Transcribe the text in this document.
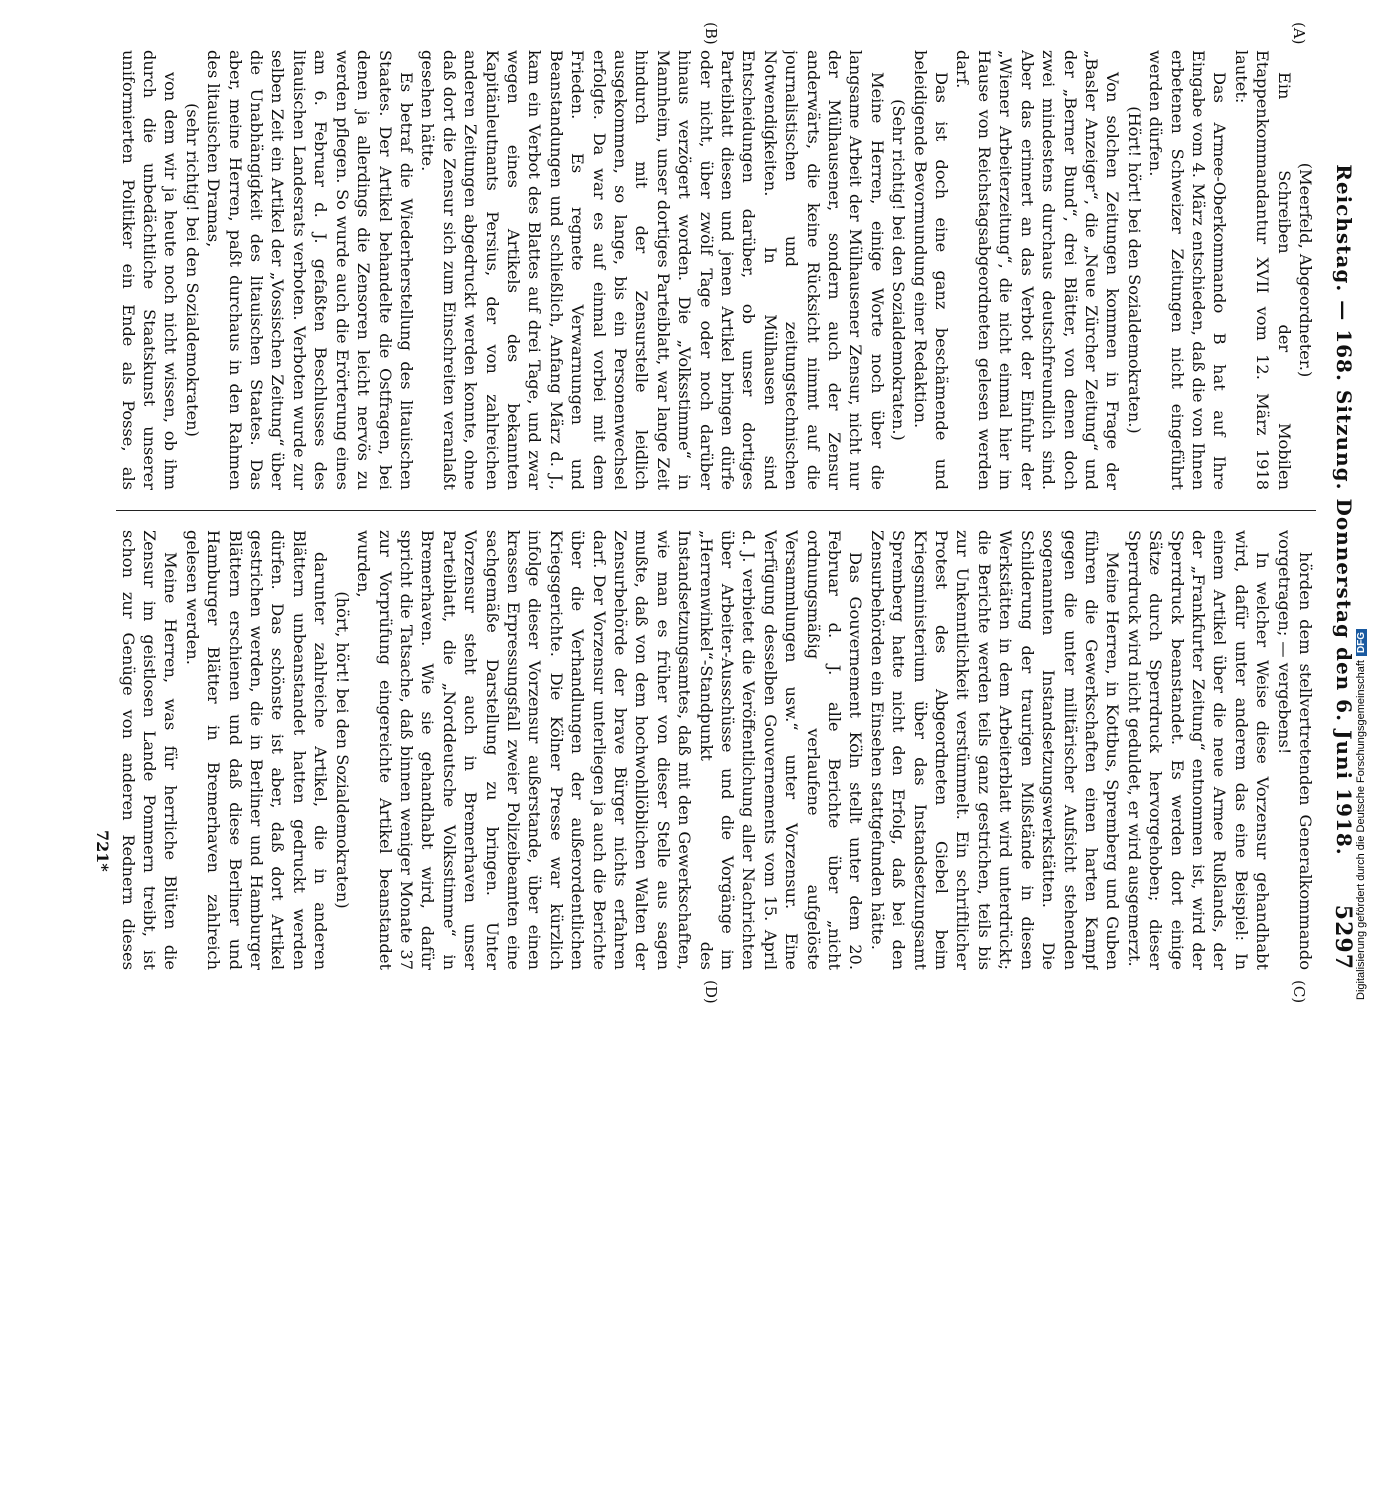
Reichstag. — 168. Sitzung. Donnerstag den 6. Juni 1918.
5297

(Meerfeld, Abgeordneter.)

Ein Schreiben der Mobilen Etappenkommandantur XVII vom 12. März 1918 lautet:

Das Armee-Oberkommando B hat auf Ihre Eingabe vom 4. März entschieden, daß die von Ihnen erbetenen Schweizer Zeitungen nicht eingeführt werden dürfen.

(Hört! hört! bei den Sozialdemokraten.)

Von solchen Zeitungen kommen in Frage der „Basler Anzeiger“, die „Neue Zürcher Zeitung“ und der „Berner Bund“, drei Blätter, von denen doch zwei mindestens durchaus deutschfreundlich sind. Aber das erinnert an das Verbot der Einfuhr der „Wiener Arbeiterzeitung“, die nicht einmal hier im Hause von Reichstagsabgeordneten gelesen werden darf.

Das ist doch eine ganz beschämende und beleidigende Bevormundung einer Redaktion.

(Sehr richtig! bei den Sozialdemokraten.)

Meine Herren, einige Worte noch über die langsame Arbeit der Mülhausener Zensur, nicht nur der Mülhausener, sondern auch der Zensur anderwärts, die keine Rücksicht nimmt auf die journalistischen und zeitungstechnischen Notwendigkeiten. In Mülhausen sind Entscheidungen darüber, ob unser dortiges Parteiblatt diesen und jenen Artikel bringen dürfe oder nicht, über zwölf Tage oder noch darüber hinaus verzögert worden. Die „Volksstimme“ in Mannheim, unser dortiges Parteiblatt, war lange Zeit hindurch mit der Zensurstelle leidlich ausgekommen, so lange, bis ein Personenwechsel erfolgte. Da war es auf einmal vorbei mit dem Frieden. Es regnete Verwarnungen und Beanstandungen und schließlich, Anfang März d. J., kam ein Verbot des Blattes auf drei Tage, und zwar wegen eines Artikels des bekannten Kapitänleutnants Persius, der von zahlreichen anderen Zeitungen abgedruckt werden konnte, ohne daß dort die Zensur sich zum Einschreiten veranlaßt gesehen hätte.

Es betraf die Wiederherstellung des litauischen Staates. Der Artikel behandelte die Ostfragen, bei denen ja allerdings die Zensoren leicht nervös zu werden pflegen. So wurde auch die Erörterung eines am 6. Februar d. J. gefaßten Beschlusses des litauischen Landesrats verboten. Verboten wurde zur selben Zeit ein Artikel der „Vossischen Zeitung“ über die Unabhängigkeit des litauischen Staates. Das aber, meine Herren, paßt durchaus in den Rahmen des litauischen Dramas,

(sehr richtig! bei den Sozialdemokraten)

von dem wir ja heute noch nicht wissen, ob ihm durch die unbedächtliche Staatskunst unserer uniformierten Politiker ein Ende als Posse, als

hörden dem stellvertretenden Generalkommando vorgetragen; — vergebens!

In welcher Weise diese Vorzensur gehandhabt wird, dafür unter anderem das eine Beispiel: In einem Artikel über die neue Armee Rußlands, der der „Frankfurter Zeitung“ entnommen ist, wird der Sperrdruck beanstandet. Es werden dort einige Sätze durch Sperrdruck hervorgehoben; dieser Sperrdruck wird nicht geduldet, er wird ausgemerzt.

Meine Herren, in Kottbus, Spremberg und Guben führen die Gewerkschaften einen harten Kampf gegen die unter militärischer Aufsicht stehenden sogenannten Instandsetzungswerkstätten. Die Schilderung der traurigen Mißstände in diesen Werkstätten in dem Arbeiterblatt wird unterdrückt; die Berichte werden teils ganz gestrichen, teils bis zur Unkenntlichkeit verstümmelt. Ein schriftlicher Protest des Abgeordneten Giebel beim Kriegsministerium über das Instandsetzungsamt Spremberg hatte nicht den Erfolg, daß bei den Zensurbehörden ein Einsehen stattgefunden hätte.

Das Gouvernement Köln stellt unter dem 20. Februar d. J. alle Berichte über „nicht ordnungsmäßig verlaufene aufgelöste Versammlungen usw.“ unter Vorzensur. Eine Verfügung desselben Gouvernements vom 15. April d. J. verbietet die Veröffentlichung aller Nachrichten über Arbeiter-Ausschüsse und die Vorgänge im „Herrenwinkel“-Standpunkt des Instandsetzungsamtes, daß mit den Gewerkschaften, wie man es früher von dieser Stelle aus sagen mußte, daß von dem hochwohllöblichen Walten der Zensurbehörde der brave Bürger nichts erfahren darf. Der Vorzensur unterliegen ja auch die Berichte über die Verhandlungen der außerordentlichen Kriegsgerichte. Die Kölner Presse war kürzlich infolge dieser Vorzensur außerstande, über einen krassen Erpressungsfall zweier Polizeibeamten eine sachgemäße Darstellung zu bringen. Unter Vorzensur steht auch in Bremerhaven unser Parteiblatt, die „Norddeutsche Volksstimme“ in Bremerhaven. Wie sie gehandhabt wird, dafür spricht die Tatsache, daß binnen weniger Monate 37 zur Vorprüfung eingereichte Artikel beanstandet wurden,

(hört, hört! bei den Sozialdemokraten)

darunter zahlreiche Artikel, die in anderen Blättern unbeanstandet hatten gedruckt werden dürfen. Das schönste ist aber, daß dort Artikel gestrichen werden, die in Berliner und Hamburger Blättern erschienen und daß diese Berliner und Hamburger Blätter in Bremerhaven zahlreich gelesen werden.

Meine Herren, was für herrliche Blüten die Zensur im geistlosen Lande Pommern treibt, ist schon zur Genüge von anderen Rednern dieses

(A)
(B)
(C)
(D)
721*	Digitalisierung gefördert durch die Deutsche ForschungsgemeinschaftDFG
